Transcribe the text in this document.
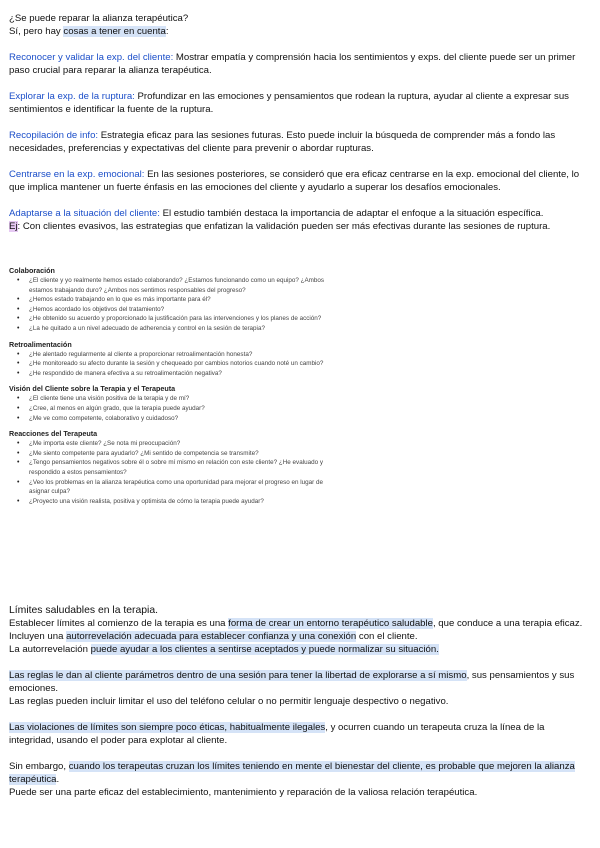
¿Se puede reparar la alianza terapéutica?

Sí, pero hay cosas a tener en cuenta:

Reconocer y validar la exp. del cliente: Mostrar empatía y comprensión hacia los sentimientos y exps. del cliente puede ser un primer paso crucial para reparar la alianza terapéutica.

Explorar la exp. de la ruptura: Profundizar en las emociones y pensamientos que rodean la ruptura, ayudar al cliente a expresar sus sentimientos e identificar la fuente de la ruptura.

Recopilación de info: Estrategia eficaz para las sesiones futuras. Esto puede incluir la búsqueda de comprender más a fondo las necesidades, preferencias y expectativas del cliente para prevenir o abordar rupturas.

Centrarse en la exp. emocional: En las sesiones posteriores, se consideró que era eficaz centrarse en la exp. emocional del cliente, lo que implica mantener un fuerte énfasis en las emociones del cliente y ayudarlo a superar los desafíos emocionales.

Adaptarse a la situación del cliente: El estudio también destaca la importancia de adaptar el enfoque a la situación específica.

Ej: Con clientes evasivos, las estrategias que enfatizan la validación pueden ser más efectivas durante las sesiones de ruptura.

Colaboración
• ¿El cliente y yo realmente hemos estado colaborando? ¿Estamos funcionando como un equipo? ¿Ambos estamos trabajando duro? ¿Ambos nos sentimos responsables del progreso?
• ¿Hemos estado trabajando en lo que es más importante para él?
• ¿Hemos acordado los objetivos del tratamiento?
• ¿He obtenido su acuerdo y proporcionado la justificación para las intervenciones y los planes de acción?
• ¿La he quitado a un nivel adecuado de adherencia y control en la sesión de terapia?
Retroalimentación
• ¿He alentado regularmente al cliente a proporcionar retroalimentación honesta?
• ¿He monitoreado su afecto durante la sesión y chequeado por cambios notorios cuando noté un cambio?
• ¿He respondido de manera efectiva a su retroalimentación negativa?
Visión del Cliente sobre la Terapia y el Terapeuta
• ¿El cliente tiene una visión positiva de la terapia y de mí?
• ¿Cree, al menos en algún grado, que la terapia puede ayudar?
• ¿Me ve como competente, colaborativo y cuidadoso?
Reacciones del Terapeuta
• ¿Me importa este cliente? ¿Se nota mi preocupación?
• ¿Me siento competente para ayudarlo? ¿Mi sentido de competencia se transmite?
• ¿Tengo pensamientos negativos sobre él o sobre mí mismo en relación con este cliente? ¿He evaluado y respondido a estos pensamientos?
• ¿Veo los problemas en la alianza terapéutica como una oportunidad para mejorar el progreso en lugar de asignar culpa?
• ¿Proyecto una visión realista, positiva y optimista de cómo la terapia puede ayudar?

Límites saludables en la terapia.

Establecer límites al comienzo de la terapia es una forma de crear un entorno terapéutico saludable, que conduce a una terapia eficaz.

Incluyen una autorrevelación adecuada para establecer confianza y una conexión con el cliente.

La autorrevelación puede ayudar a los clientes a sentirse aceptados y puede normalizar su situación.

Las reglas le dan al cliente parámetros dentro de una sesión para tener la libertad de explorarse a sí mismo, sus pensamientos y sus emociones.

Las reglas pueden incluir limitar el uso del teléfono celular o no permitir lenguaje despectivo o negativo.

Las violaciones de límites son siempre poco éticas, habitualmente ilegales, y ocurren cuando un terapeuta cruza la línea de la integridad, usando el poder para explotar al cliente.

Sin embargo, cuando los terapeutas cruzan los límites teniendo en mente el bienestar del cliente, es probable que mejoren la alianza terapéutica.

Puede ser una parte eficaz del establecimiento, mantenimiento y reparación de la valiosa relación terapéutica.
